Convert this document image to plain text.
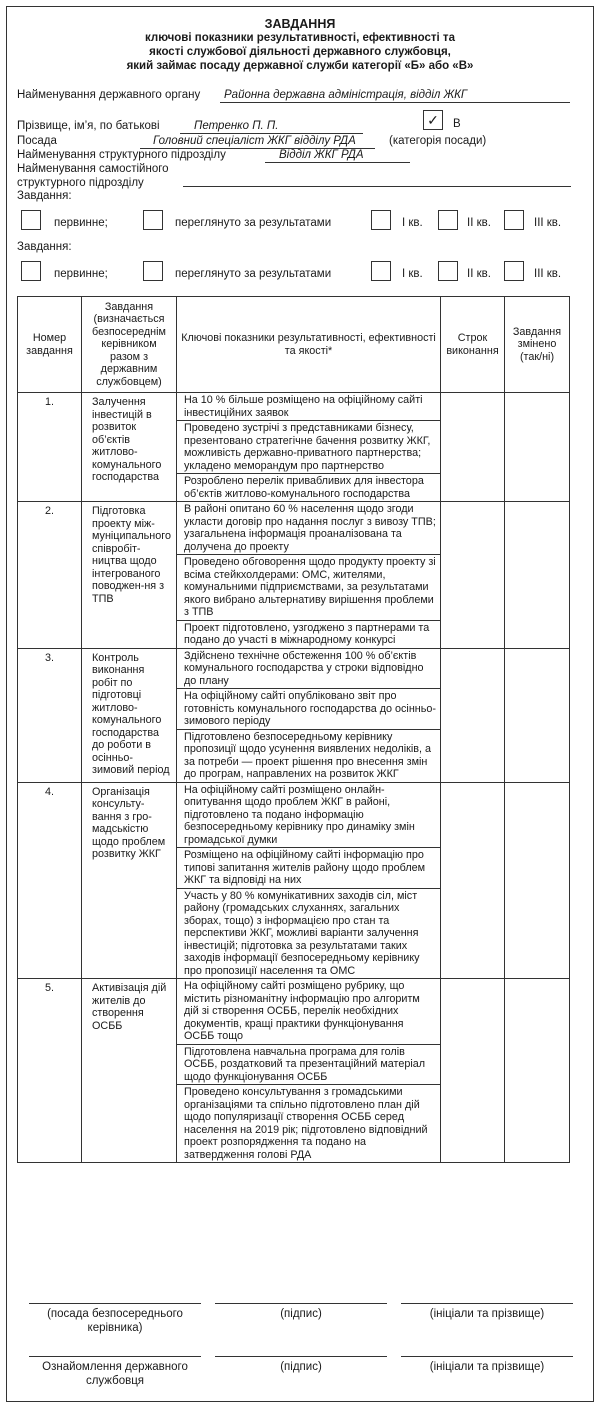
ЗАВДАННЯ
ключові показники результативності, ефективності та
якості службової діяльності державного службовця,
який займає посаду державної служби категорії «Б» або «В»
Найменування державного органу Районна державна адміністрація, відділ ЖКГ
Прізвище, ім’я, по батькові	Петренко П. П.	✓ В
Посада	Головний спеціаліст ЖКГ відділу РДА	(категорія посади)
Найменування структурного підрозділу	Відділ ЖКГ РДА
Найменування самостійного
структурного підрозділу
Завдання:
первинне;	переглянуто за результатами	I кв.	II кв.	III кв.
Завдання:
первинне;	переглянуто за результатами	I кв.	II кв.	III кв.
Номер завдання	Завдання (визначається безпосереднім керівником разом з державним службовцем)	Ключові показники результативності, ефективності та якості*	Строк виконання	Завдання змінено (так/ні)
1.	Залучення інвестицій в розвиток об’єктів житлово-комунального господарства	На 10 % більше розміщено на офіційному сайті інвестиційних заявок
Проведено зустрічі з представниками бізнесу, презентовано стратегічне бачення розвитку ЖКГ, можливість державно-приватного партнерства; укладено меморандум про партнерство
Розроблено перелік привабливих для інвестора об’єктів житлово-комунального господарства		

2.	Підготовка проекту між-муніципального співробіт-ництва щодо інтегрованого поводжен-ня з ТПВ	В районі опитано 60 % населення щодо згоди укласти договір про надання послуг з вивозу ТПВ; узагальнена інформація проаналізована та долучена до проекту
Проведено обговорення щодо продукту проекту зі всіма стейкхолдерами: ОМС, жителями, комунальними підприємствами, за результатами якого вибрано альтернативу вирішення проблеми з ТПВ
Проект підготовлено, узгоджено з партнерами та подано до участі в міжнародному конкурсі		

3.	Контроль виконання робіт по підготовці житлово-комунального господарства до роботи в осінньо-зимовий період	Здійснено технічне обстеження 100 % об’єктів комунального господарства у строки відповідно до плану
На офіційному сайті опубліковано звіт про готовність комунального господарства до осінньо-зимового періоду
Підготовлено безпосередньому керівнику пропозиції щодо усунення виявлених недоліків, а за потреби — проект рішення про внесення змін до програм, направлених на розвиток ЖКГ		

4.	Організація консульту-вання з гро-мадськістю щодо проблем розвитку ЖКГ	На офіційному сайті розміщено онлайн-опитування щодо проблем ЖКГ в районі, підготовлено та подано інформацію безпосередньому керівнику про динаміку змін громадської думки
Розміщено на офіційному сайті інформацію про типові запитання жителів району щодо проблем ЖКГ та відповіді на них
Участь у 80 % комунікативних заходів сіл, міст району (громадських слуханнях, загальних зборах, тощо) з інформацією про стан та перспективи ЖКГ, можливі варіанти залучення інвестицій; підготовка за результатами таких заходів інформації безпосередньому керівнику про пропозиції населення та ОМС		

5.	Активізація дій жителів до створення ОСББ	На офіційному сайті розміщено рубрику, що містить різноманітну інформацію про алгоритм дій зі створення ОСББ, перелік необхідних документів, кращі практики функціонування ОСББ тощо
Підготовлена навчальна програма для голів ОСББ, роздатковий та презентаційний матеріал щодо функціонування ОСББ
Проведено консультування з громадськими організаціями та спільно підготовлено план дій щодо популяризації створення ОСББ серед населення на 2019 рік; підготовлено відповідний проект розпорядження та подано на затвердження голові РДА		

(посада безпосереднього керівника)
(підпис)	(ініціали та прізвище)
Ознайомлення державного службовця
(підпис)	(ініціали та прізвище)
